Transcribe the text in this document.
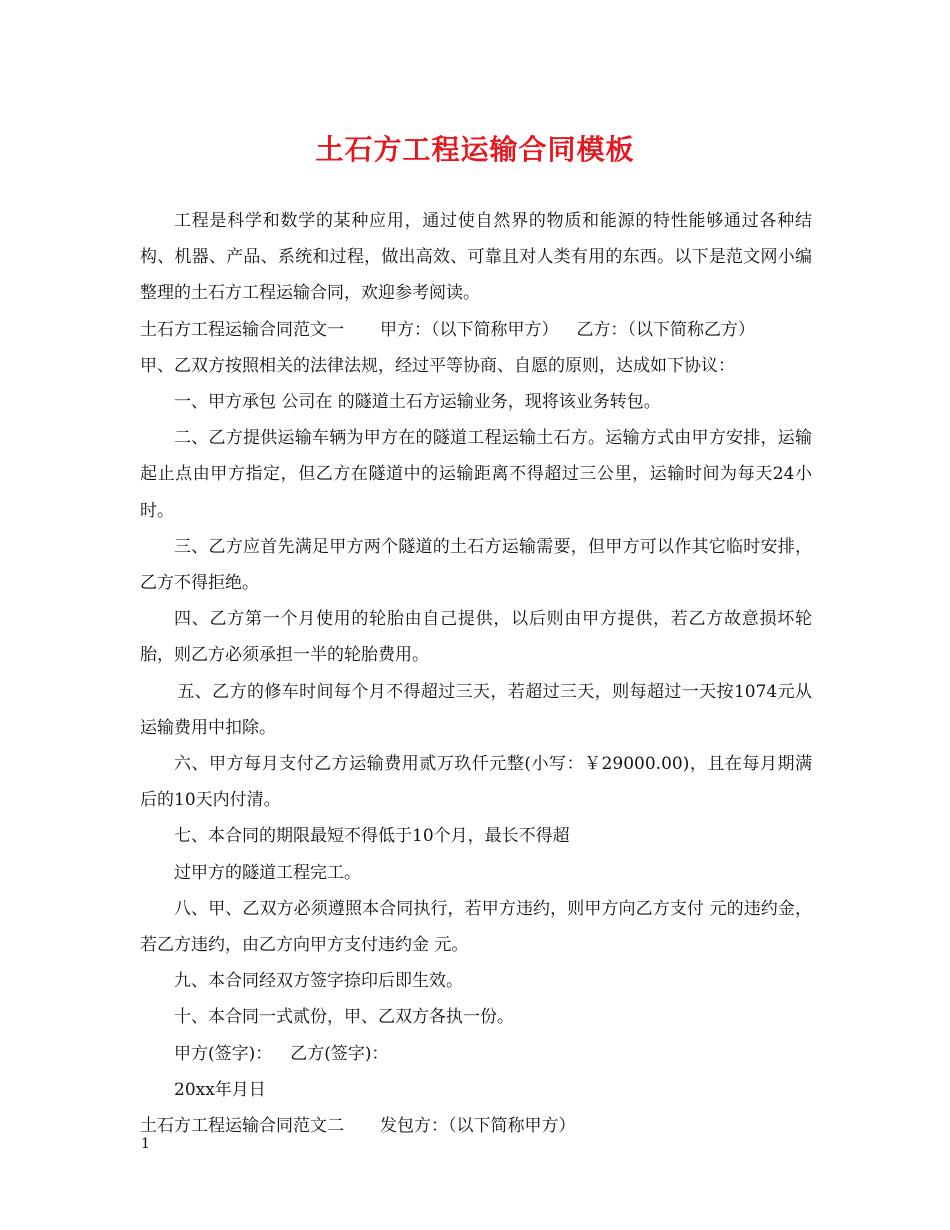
土石方工程运输合同模板

工程是科学和数学的某种应用，通过使自然界的物质和能源的特性能够通过各种结构、机器、产品、系统和过程，做出高效、可靠且对人类有用的东西。以下是范文网小编整理的土石方工程运输合同，欢迎参考阅读。

土石方工程运输合同范文一 甲方：（以下简称甲方） 乙方：（以下简称乙方）

甲、乙双方按照相关的法律法规，经过平等协商、自愿的原则，达成如下协议：

一、甲方承包 公司在 的隧道土石方运输业务，现将该业务转包。

二、乙方提供运输车辆为甲方在的隧道工程运输土石方。运输方式由甲方安排，运输起止点由甲方指定，但乙方在隧道中的运输距离不得超过三公里，运输时间为每天24小时。

三、乙方应首先满足甲方两个隧道的土石方运输需要，但甲方可以作其它临时安排，乙方不得拒绝。

四、乙方第一个月使用的轮胎由自己提供，以后则由甲方提供，若乙方故意损坏轮胎，则乙方必须承担一半的轮胎费用。

五、乙方的修车时间每个月不得超过三天，若超过三天，则每超过一天按1074元从运输费用中扣除。

六、甲方每月支付乙方运输费用贰万玖仟元整(小写：￥29000.00)，且在每月期满后的10天内付清。

七、本合同的期限最短不得低于10个月，最长不得超

过甲方的隧道工程完工。

八、甲、乙双方必须遵照本合同执行，若甲方违约，则甲方向乙方支付 元的违约金，若乙方违约，由乙方向甲方支付违约金 元。

九、本合同经双方签字捺印后即生效。

十、本合同一式贰份，甲、乙双方各执一份。

甲方(签字)： 乙方(签字)：

20xx年月日

土石方工程运输合同范文二 发包方：（以下简称甲方）

1
